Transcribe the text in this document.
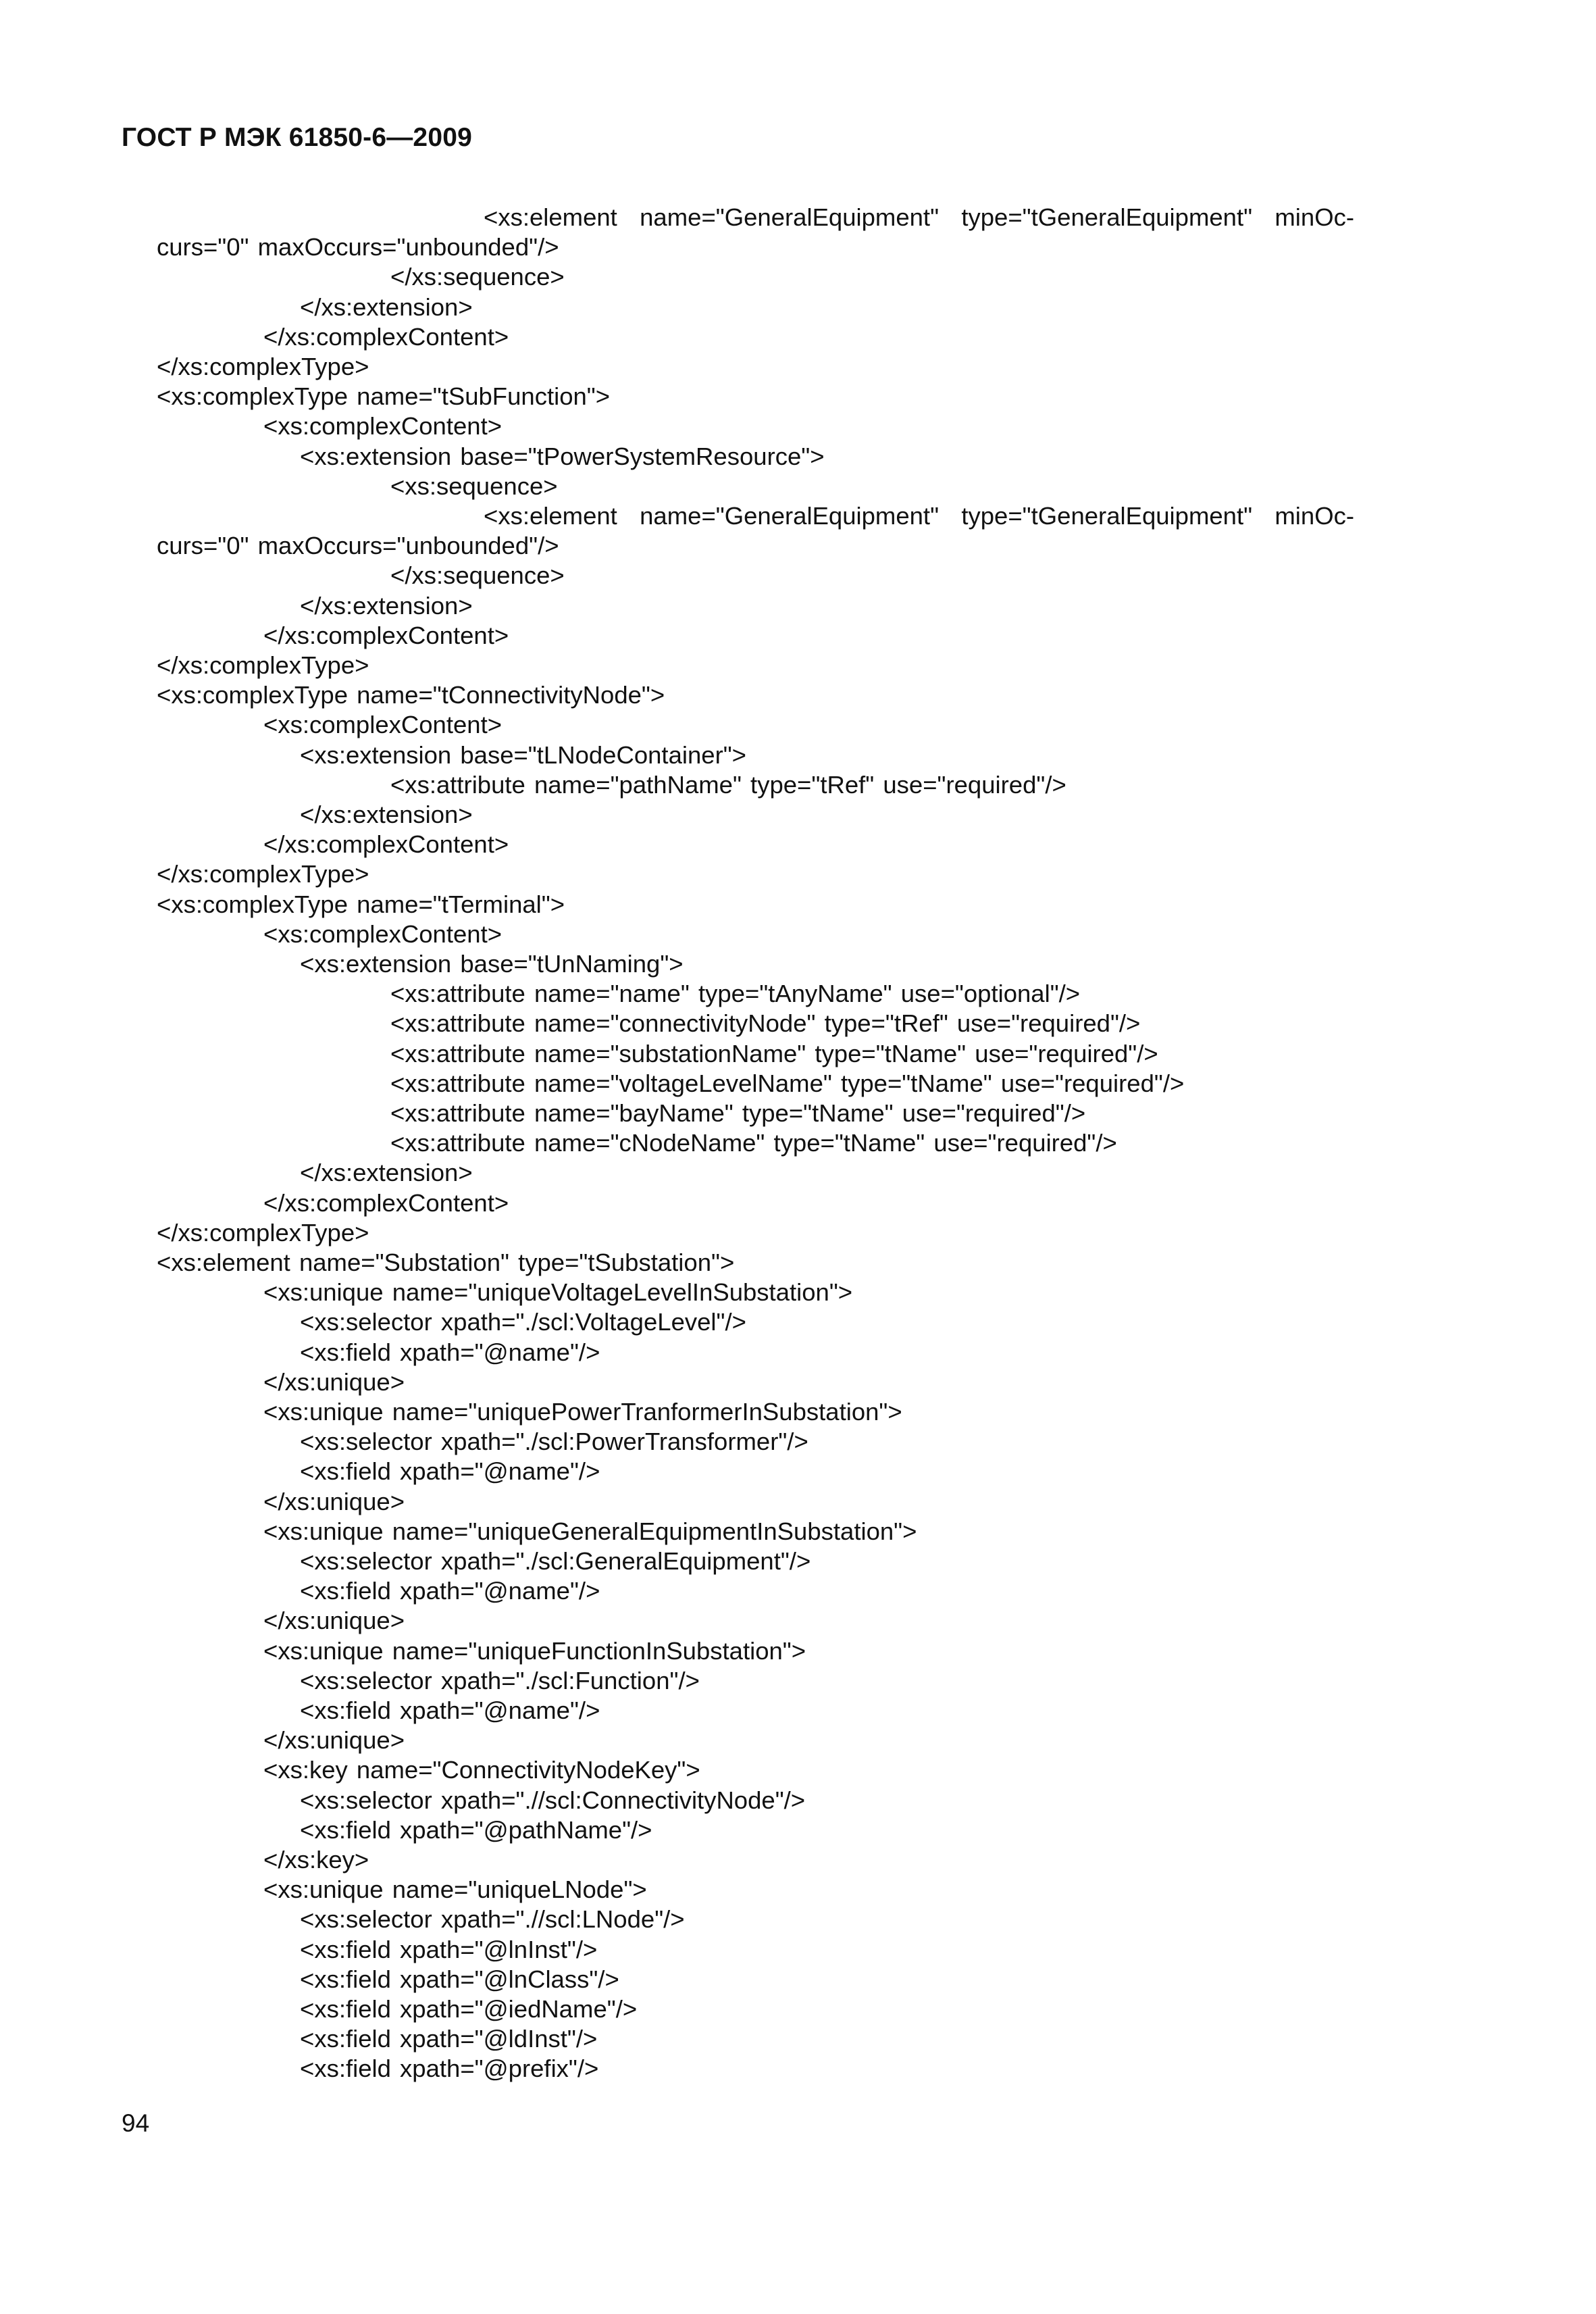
ГОСТ Р МЭК 61850-6—2009
<xs:element name="GeneralEquipment" type="tGeneralEquipment" minOc-
curs="0" maxOccurs="unbounded"/>
</xs:sequence>
</xs:extension>
</xs:complexContent>
</xs:complexType>
<xs:complexType name="tSubFunction">
<xs:complexContent>
<xs:extension base="tPowerSystemResource">
<xs:sequence>
<xs:element name="GeneralEquipment" type="tGeneralEquipment" minOc-
curs="0" maxOccurs="unbounded"/>
</xs:sequence>
</xs:extension>
</xs:complexContent>
</xs:complexType>
<xs:complexType name="tConnectivityNode">
<xs:complexContent>
<xs:extension base="tLNodeContainer">
<xs:attribute name="pathName" type="tRef" use="required"/>
</xs:extension>
</xs:complexContent>
</xs:complexType>
<xs:complexType name="tTerminal">
<xs:complexContent>
<xs:extension base="tUnNaming">
<xs:attribute name="name" type="tAnyName" use="optional"/>
<xs:attribute name="connectivityNode" type="tRef" use="required"/>
<xs:attribute name="substationName" type="tName" use="required"/>
<xs:attribute name="voltageLevelName" type="tName" use="required"/>
<xs:attribute name="bayName" type="tName" use="required"/>
<xs:attribute name="cNodeName" type="tName" use="required"/>
</xs:extension>
</xs:complexContent>
</xs:complexType>
<xs:element name="Substation" type="tSubstation">
<xs:unique name="uniqueVoltageLevelInSubstation">
<xs:selector xpath="./scl:VoltageLevel"/>
<xs:field xpath="@name"/>
</xs:unique>
<xs:unique name="uniquePowerTranformerInSubstation">
<xs:selector xpath="./scl:PowerTransformer"/>
<xs:field xpath="@name"/>
</xs:unique>
<xs:unique name="uniqueGeneralEquipmentInSubstation">
<xs:selector xpath="./scl:GeneralEquipment"/>
<xs:field xpath="@name"/>
</xs:unique>
<xs:unique name="uniqueFunctionInSubstation">
<xs:selector xpath="./scl:Function"/>
<xs:field xpath="@name"/>
</xs:unique>
<xs:key name="ConnectivityNodeKey">
<xs:selector xpath=".//scl:ConnectivityNode"/>
<xs:field xpath="@pathName"/>
</xs:key>
<xs:unique name="uniqueLNode">
<xs:selector xpath=".//scl:LNode"/>
<xs:field xpath="@lnInst"/>
<xs:field xpath="@lnClass"/>
<xs:field xpath="@iedName"/>
<xs:field xpath="@ldInst"/>
<xs:field xpath="@prefix"/>
94
